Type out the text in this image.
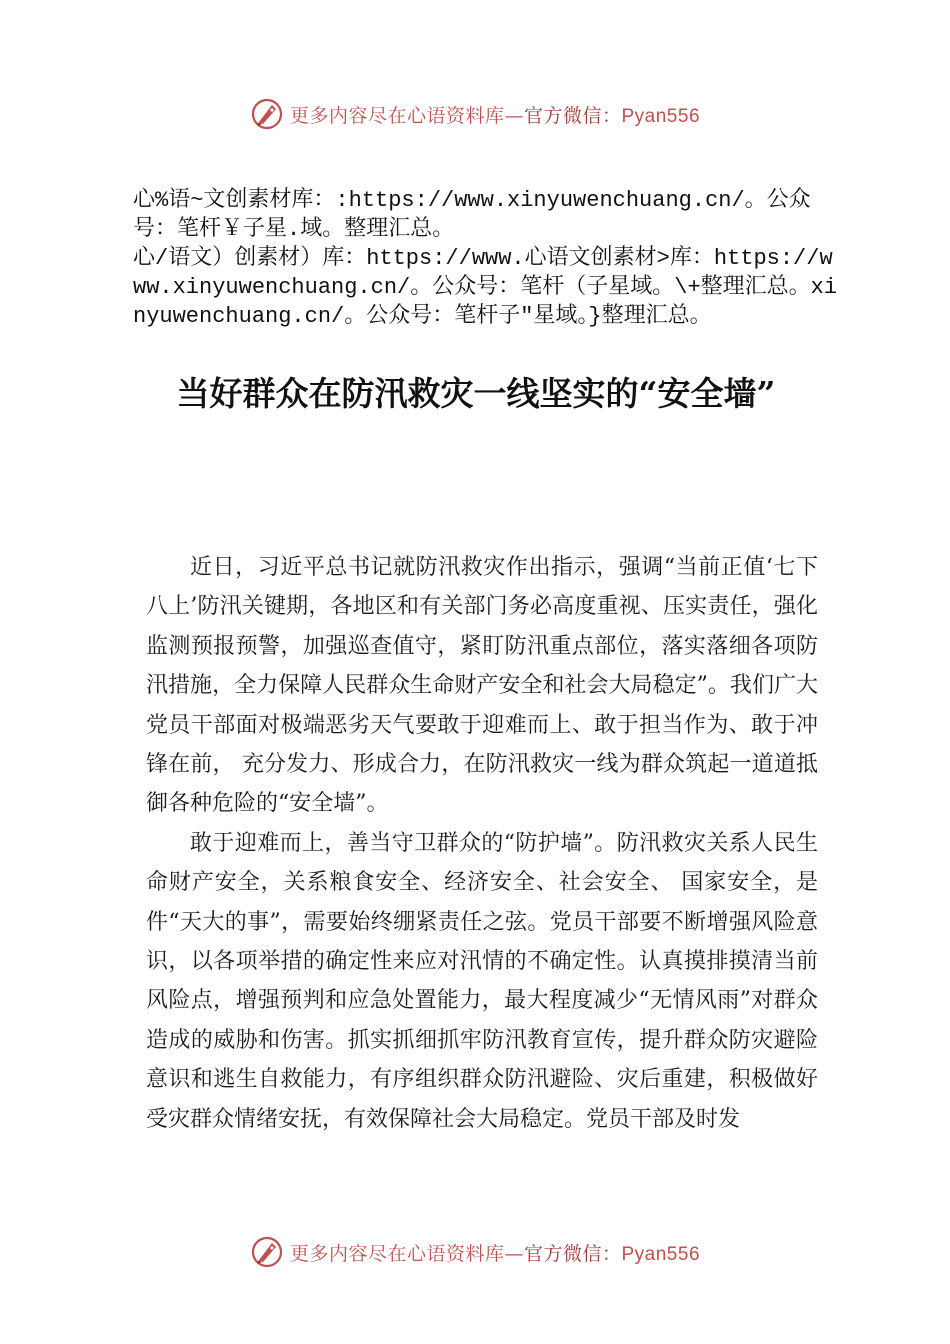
更多内容尽在心语资料库—官方微信：Pyan556

心%语~文创素材库：:https://www.xinyuwenchuang.cn/。公众号：笔杆￥子星.域。整理汇总。

心/语文）创素材）库：https://www.心语文创素材>库：https://www.xinyuwenchuang.cn/。公众号：笔杆（子星域。\+整理汇总。xinyuwenchuang.cn/。公众号：笔杆子"星域。}整理汇总。

当好群众在防汛救灾一线坚实的“安全墙”

近日，习近平总书记就防汛救灾作出指示，强调“当前正值‘七下八上’防汛关键期，各地区和有关部门务必高度重视、压实责任，强化监测预报预警，加强巡查值守，紧盯防汛重点部位，落实落细各项防汛措施，全力保障人民群众生命财产安全和社会大局稳定”。我们广大党员干部面对极端恶劣天气要敢于迎难而上、敢于担当作为、敢于冲锋在前， 充分发力、形成合力，在防汛救灾一线为群众筑起一道道抵御各种危险的“安全墙”。

敢于迎难而上，善当守卫群众的“防护墙”。防汛救灾关系人民生命财产安全，关系粮食安全、经济安全、社会安全、 国家安全，是件“天大的事”，需要始终绷紧责任之弦。党员干部要不断增强风险意识，以各项举措的确定性来应对汛情的不确定性。认真摸排摸清当前风险点，增强预判和应急处置能力，最大程度减少“无情风雨”对群众造成的威胁和伤害。抓实抓细抓牢防汛教育宣传，提升群众防灾避险意识和逃生自救能力，有序组织群众防汛避险、灾后重建，积极做好受灾群众情绪安抚，有效保障社会大局稳定。党员干部及时发

更多内容尽在心语资料库—官方微信：Pyan556
